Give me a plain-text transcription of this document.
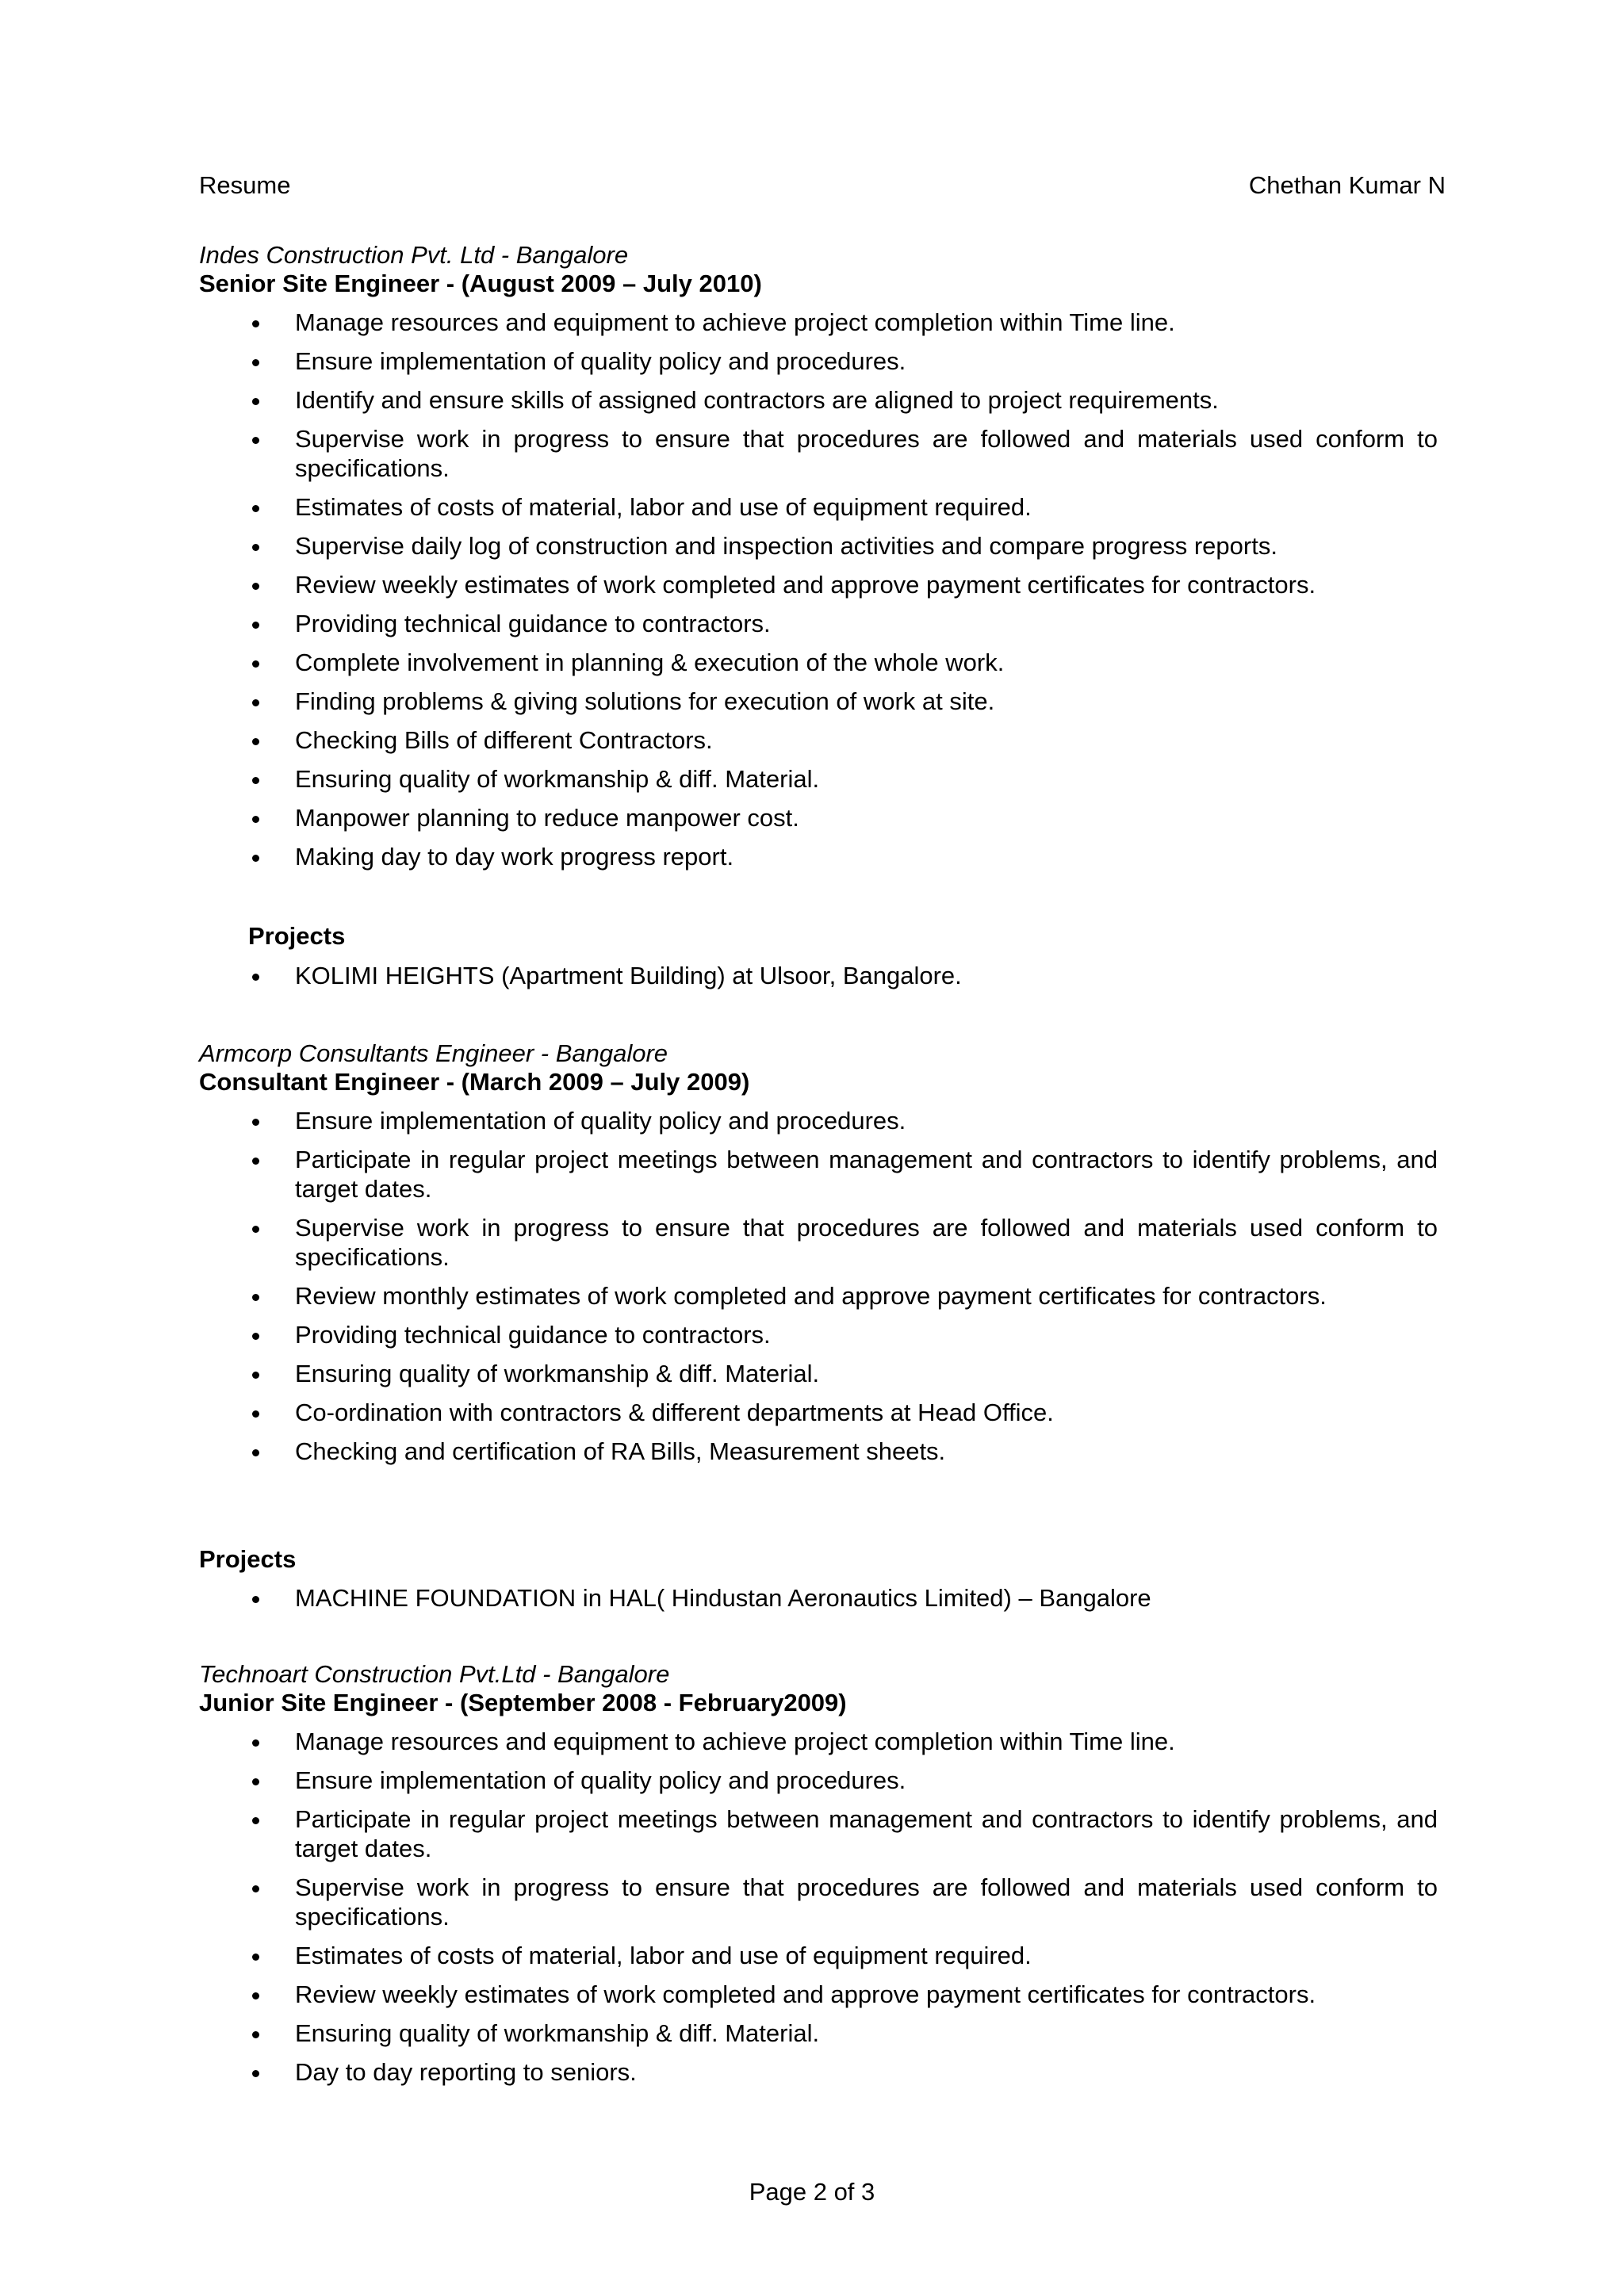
Resume	Chethan Kumar N
Indes Construction Pvt. Ltd - Bangalore
Senior Site Engineer - (August 2009 – July 2010)
Manage resources and equipment to achieve project completion within Time line.
Ensure implementation of quality policy and procedures.
Identify and ensure skills of assigned contractors are aligned to project requirements.
Supervise work in progress to ensure that procedures are followed and materials used conform to specifications.
Estimates of costs of material, labor and use of equipment required.
Supervise daily log of construction and inspection activities and compare progress reports.
Review weekly estimates of work completed and approve payment certificates for contractors.
Providing technical guidance to contractors.
Complete involvement in planning & execution of the whole work.
Finding problems & giving solutions for execution of work at site.
Checking Bills of different Contractors.
Ensuring quality of workmanship & diff. Material.
Manpower planning to reduce manpower cost.
Making day to day work progress report.
Projects
KOLIMI HEIGHTS (Apartment Building) at Ulsoor, Bangalore.
Armcorp Consultants Engineer - Bangalore
Consultant Engineer - (March 2009 – July 2009)
Ensure implementation of quality policy and procedures.
Participate in regular project meetings between management and contractors to identify problems, and target dates.
Supervise work in progress to ensure that procedures are followed and materials used conform to specifications.
Review monthly estimates of work completed and approve payment certificates for contractors.
Providing technical guidance to contractors.
Ensuring quality of workmanship & diff. Material.
Co-ordination with contractors & different departments at Head Office.
Checking and certification of RA Bills, Measurement sheets.
Projects
MACHINE FOUNDATION in HAL( Hindustan Aeronautics Limited) – Bangalore
Technoart Construction Pvt.Ltd - Bangalore
Junior Site Engineer - (September 2008 - February2009)
Manage resources and equipment to achieve project completion within Time line.
Ensure implementation of quality policy and procedures.
Participate in regular project meetings between management and contractors to identify problems, and target dates.
Supervise work in progress to ensure that procedures are followed and materials used conform to specifications.
Estimates of costs of material, labor and use of equipment required.
Review weekly estimates of work completed and approve payment certificates for contractors.
Ensuring quality of workmanship & diff. Material.
Day to day reporting to seniors.
Page 2 of 3
